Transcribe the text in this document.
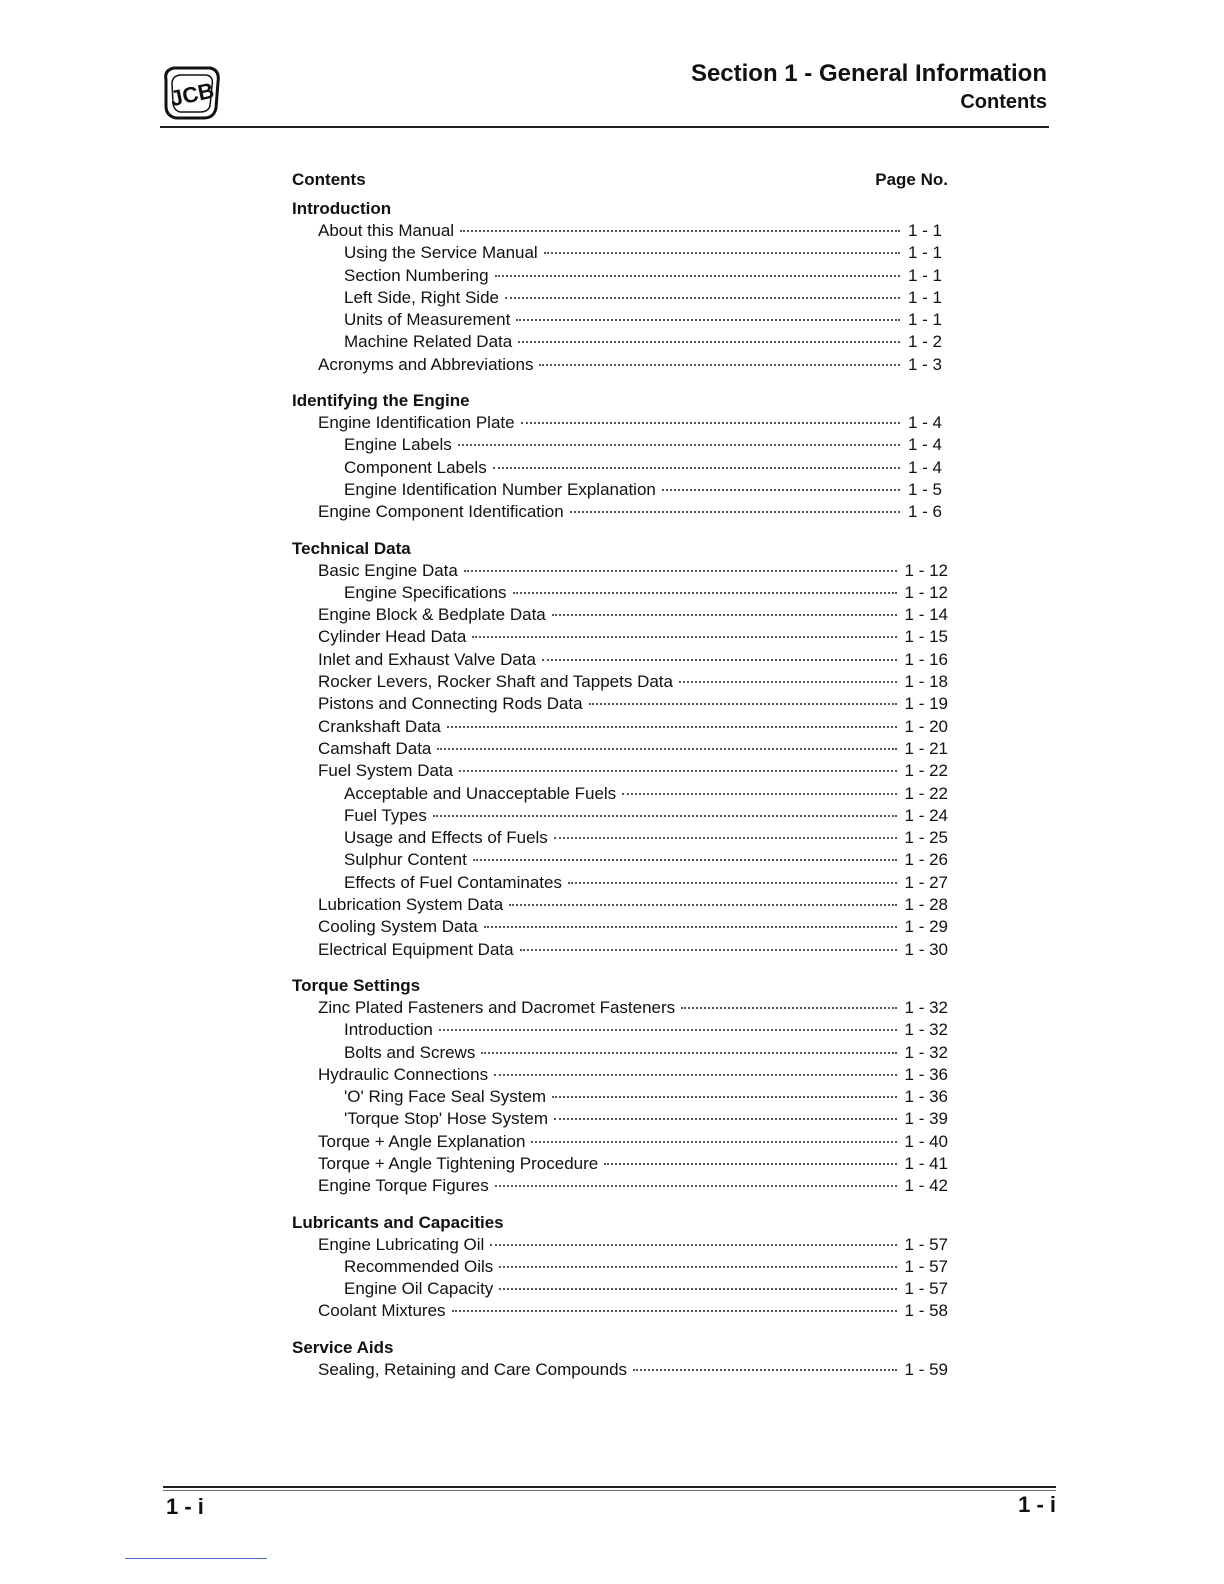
JCB
Section 1 - General Information
Contents
Contents	Page No.
Introduction
About this Manual	1 - 1
Using the Service Manual	1 - 1
Section Numbering	1 - 1
Left Side, Right Side	1 - 1
Units of Measurement	1 - 1
Machine Related Data	1 - 2
Acronyms and Abbreviations	1 - 3
Identifying the Engine
Engine Identification Plate	1 - 4
Engine Labels	1 - 4
Component Labels	1 - 4
Engine Identification Number Explanation	1 - 5
Engine Component Identification	1 - 6
Technical Data
Basic Engine Data	1 - 12
Engine Specifications	1 - 12
Engine Block & Bedplate Data	1 - 14
Cylinder Head Data	1 - 15
Inlet and Exhaust Valve Data	1 - 16
Rocker Levers, Rocker Shaft and Tappets Data	1 - 18
Pistons and Connecting Rods Data	1 - 19
Crankshaft Data	1 - 20
Camshaft Data	1 - 21
Fuel System Data	1 - 22
Acceptable and Unacceptable Fuels	1 - 22
Fuel Types	1 - 24
Usage and Effects of Fuels	1 - 25
Sulphur Content	1 - 26
Effects of Fuel Contaminates	1 - 27
Lubrication System Data	1 - 28
Cooling System Data	1 - 29
Electrical Equipment Data	1 - 30
Torque Settings
Zinc Plated Fasteners and Dacromet Fasteners	1 - 32
Introduction	1 - 32
Bolts and Screws	1 - 32
Hydraulic Connections	1 - 36
'O' Ring Face Seal System	1 - 36
'Torque Stop' Hose System	1 - 39
Torque + Angle Explanation	1 - 40
Torque + Angle Tightening Procedure	1 - 41
Engine Torque Figures	1 - 42
Lubricants and Capacities
Engine Lubricating Oil	1 - 57
Recommended Oils	1 - 57
Engine Oil Capacity	1 - 57
Coolant Mixtures	1 - 58
Service Aids
Sealing, Retaining and Care Compounds	1 - 59
1 - i	1 - i
